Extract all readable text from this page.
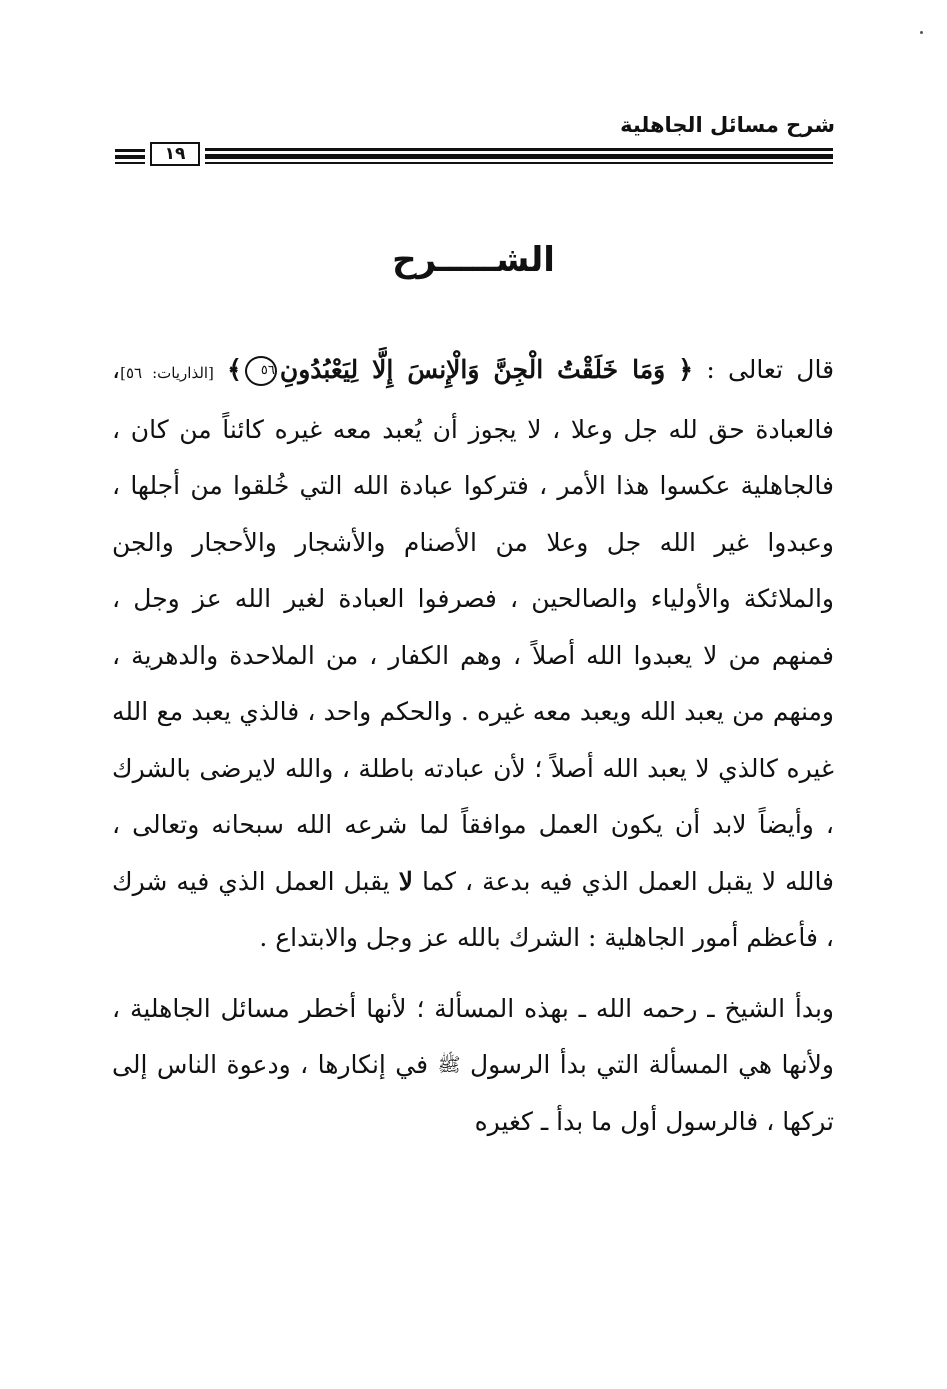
شرح مسائل الجاهلية
١٩
الشـــــرح

قال تعالى : ﴿ وَمَا خَلَقْتُ الْجِنَّ وَالْإِنسَ إِلَّا لِيَعْبُدُونِ٥٦﴾ [الذاريات: ٥٦]، فالعبادة حق لله جل وعلا ، لا يجوز أن يُعبد معه غيره كائناً من كان ، فالجاهلية عكسوا هذا الأمر ، فتركوا عبادة الله التي خُلقوا من أجلها ، وعبدوا غير الله جل وعلا من الأصنام والأشجار والأحجار والجن والملائكة والأولياء والصالحين ، فصرفوا العبادة لغير الله عز وجل ، فمنهم من لا يعبدوا الله أصلاً ، وهم الكفار ، من الملاحدة والدهرية ، ومنهم من يعبد الله ويعبد معه غيره . والحكم واحد ، فالذي يعبد مع الله غيره كالذي لا يعبد الله أصلاً ؛ لأن عبادته باطلة ، والله لايرضى بالشرك ، وأيضاً لابد أن يكون العمل موافقاً لما شرعه الله سبحانه وتعالى ، فالله لا يقبل العمل الذي فيه بدعة ، كما لا يقبل العمل الذي فيه شرك ، فأعظم أمور الجاهلية : الشرك بالله عز وجل والابتداع .

وبدأ الشيخ ـ رحمه الله ـ بهذه المسألة ؛ لأنها أخطر مسائل الجاهلية ، ولأنها هي المسألة التي بدأ الرسول ﷺ في إنكارها ، ودعوة الناس إلى تركها ، فالرسول أول ما بدأ ـ كغيره
